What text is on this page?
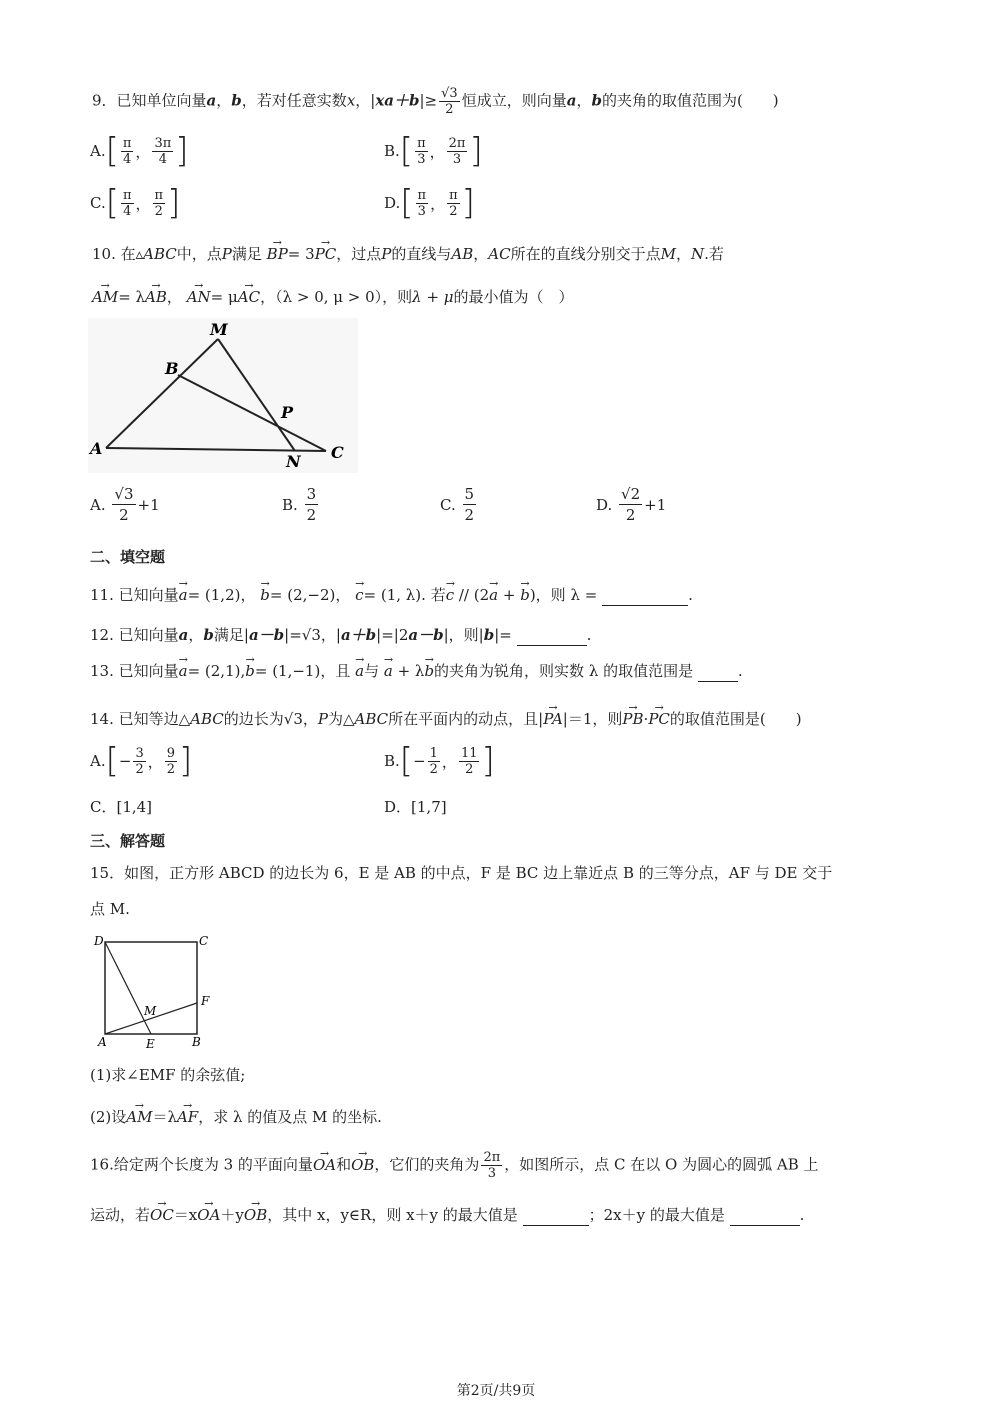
9．已知单位向量a，b，若对任意实数x，$|xa+b|\ge \frac{√3}{2}$ 恒成立，则向量a，b的夹角的取值范围为(　　)
A. [ $\frac{\pi}{4}$ ， $\frac{3\pi}{4}$ ]	B. [ $\frac{\pi}{3}$ ， $\frac{2\pi}{3}$ ]
C. [ $\frac{\pi}{4}$ ， $\frac{\pi}{2}$ ]	D. [ $\frac{\pi}{3}$ ， $\frac{\pi}{2}$ ]
10. 在▵ABC中，点P满足 → BP= 3→ PC，过点P的直线与AB，AC所在的直线分别交于点M，N.若
→ AM= λ→ AB， → AN= μ→ AC，（λ > 0, μ > 0），则λ + μ的最小值为（　）
A
B
C
M
N
P
A.
$\frac{√3}{2} +1$	B.
$\frac{3}{2}$	C.
$\frac{5}{2}$	D.
$\frac{√2}{2} +1$
二、填空题
11. 已知向量→ a= (1,2)， → b= (2,−2)， → c= (1, λ). 若→ c // (2→ a + → b)，则 λ =	.
12. 已知向量a，b满足|a－b|=√3，|a＋b|=|2a－b|，则|b|=	.
13. 已知向量→ a= (2,1),→ b= (1,−1)，且 → a与 → a + λ→ b的夹角为锐角，则实数 λ 的取值范围是	.
14. 已知等边△ABC的边长为√3，P为△ABC所在平面内的动点，且|→ PA|＝1，则→ PB·→ PC的取值范围是(　　)
A. [ − $\frac{3}{2}$ ， $\frac{9}{2}$ ]	B. [ − $\frac{1}{2}$ ， $\frac{11}{2}$ ]
C．[1,4]	D．[1,7]
三、解答题
15．如图，正方形 ABCD 的边长为 6，E 是 AB 的中点，F 是 BC 边上靠近点 B 的三等分点，AF 与 DE 交于
点 M.
D	C
A	E	B
F
M
(1)求∠EMF 的余弦值;
(2)设→ AM＝λ→ AF，求 λ 的值及点 M 的坐标.
16.给定两个长度为 3 的平面向量→ OA和→ OB，它们的夹角为 $\frac{2\pi}{3}$ ，如图所示，点 C 在以 O 为圆心的圆弧 AB 上
运动，若→ OC＝x→ OA＋y→ OB，其中 x，y∈R，则 x＋y 的最大值是	；2x＋y 的最大值是	.
第2页/共9页
